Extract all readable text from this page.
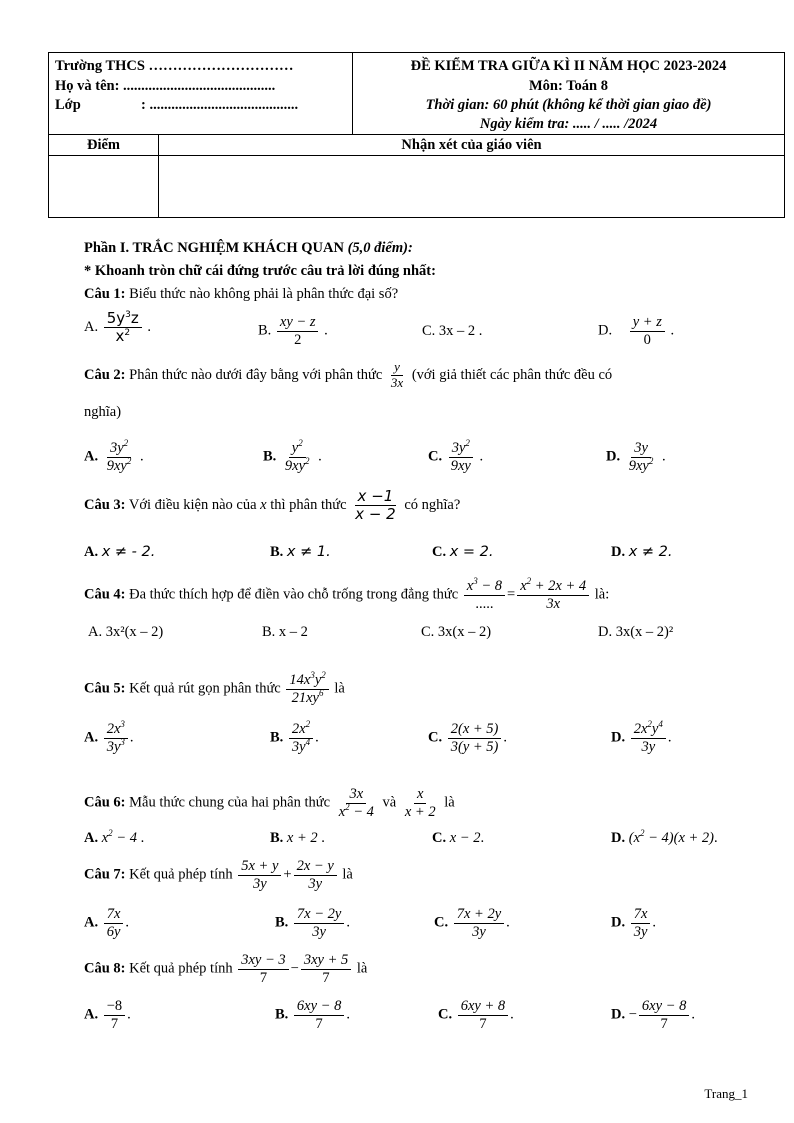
Trường THCS …………………………
Họ và tên: ..........................................
Lớp	: .........................................
ĐỀ KIỂM TRA GIỮA KÌ II NĂM HỌC 2023-2024
Môn: Toán 8
Thời gian: 60 phút (không kể thời gian giao đề)
Ngày kiểm tra: ..... / ..... /2024
Điểm	Nhận xét của giáo viên
Phần I. TRẮC NGHIỆM KHÁCH QUAN (5,0 điểm):
* Khoanh tròn chữ cái đứng trước câu trả lời đúng nhất:
Câu 1: Biểu thức nào không phải là phân thức đại số?
A. $\frac{5y^3z}{x^2}$ .	B. $\frac{xy - z}{2}$ .	C. 3x – 2 .	D. $\frac{y + z}{0}$ .
Câu 2: Phân thức nào dưới đây bằng với phân thức $\frac{y}{3x}$ (với giả thiết các phân thức đều có
nghĩa)
A. $\frac{3y^2}{9xy^2}$ .	B. $\frac{y^2}{9xy^2}$ .	C. $\frac{3y^2}{9xy}$ .	D. $\frac{3y}{9xy^2}$ .
Câu 3: Với điều kiện nào của x thì phân thức $\frac{x -1}{x - 2}$ có nghĩa?
A. x ≠ - 2.	B. x ≠ 1.	C. x = 2.	D. x ≠ 2.
Câu 4: Đa thức thích hợp để điền vào chỗ trống trong đẳng thức $\frac{x^3 - 8}{.....} = \frac{x^2 + 2x + 4}{3x}$ là:
A. 3x²(x – 2)	B. x – 2	C. 3x(x – 2)	D. 3x(x – 2)²
Câu 5: Kết quả rút gọn phân thức $\frac{14x^3y^2}{21xy^6}$ là
A. $\frac{2x^3}{3y^3}$ .	B. $\frac{2x^2}{3y^4}$ .	C. $\frac{2(x + 5)}{3(y + 5)}$ .	D. $\frac{2x^2y^4}{3y}$ .
Câu 6: Mẫu thức chung của hai phân thức $\frac{3x}{x^2 - 4}$ và $\frac{x}{x + 2}$ là
A. $x^2 - 4$ .	B. x + 2 .	C. x − 2.	D. $(x^2 - 4)(x + 2)$.
Câu 7: Kết quả phép tính $\frac{5x + y}{3y} + \frac{2x - y}{3y}$ là
A. $\frac{7x}{6y}$ .	B. $\frac{7x - 2y}{3y}$ .	C. $\frac{7x + 2y}{3y}$ .	D. $\frac{7x}{3y}$ .
Câu 8: Kết quả phép tính $\frac{3xy - 3}{7} - \frac{3xy + 5}{7}$ là
A. $\frac{-8}{7}$ .	B. $\frac{6xy - 8}{7}$ .	C. $\frac{6xy + 8}{7}$ .	D. − $\frac{6xy - 8}{7}$ .
Trang_1
